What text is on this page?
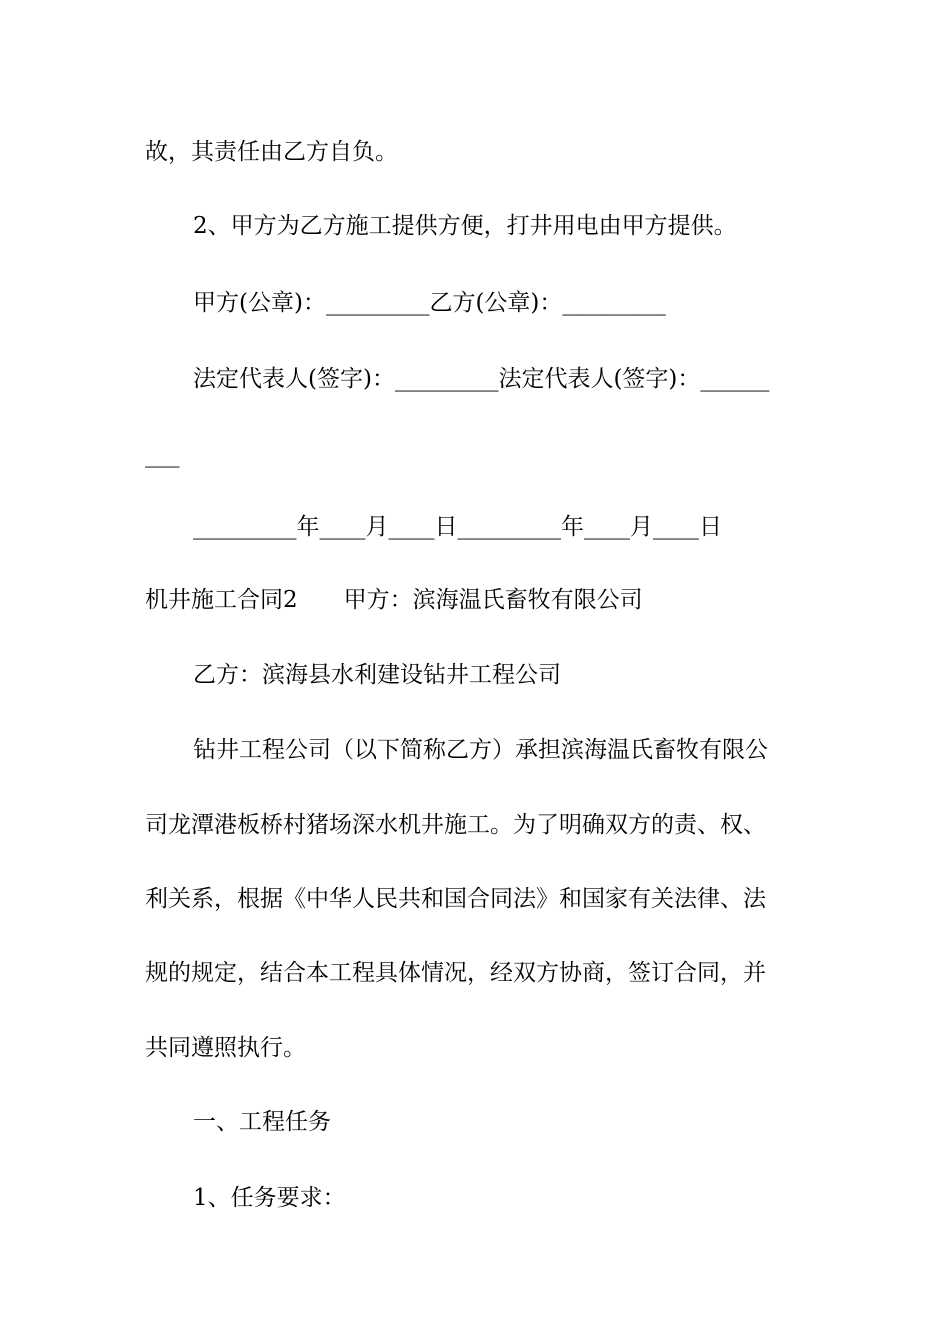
故，其责任由乙方自负。

2、甲方为乙方施工提供方便，打井用电由甲方提供。

甲方(公章)：_________乙方(公章)：_________

法定代表人(签字)：_________法定代表人(签字)：______

___

_________年____月____日_________年____月____日

机井施工合同2　　甲方：滨海温氏畜牧有限公司

乙方：滨海县水利建设钻井工程公司

钻井工程公司（以下简称乙方）承担滨海温氏畜牧有限公

司龙潭港板桥村猪场深水机井施工。为了明确双方的责、权、

利关系，根据《中华人民共和国合同法》和国家有关法律、法

规的规定，结合本工程具体情况，经双方协商，签订合同，并

共同遵照执行。

一、工程任务

1、任务要求：
